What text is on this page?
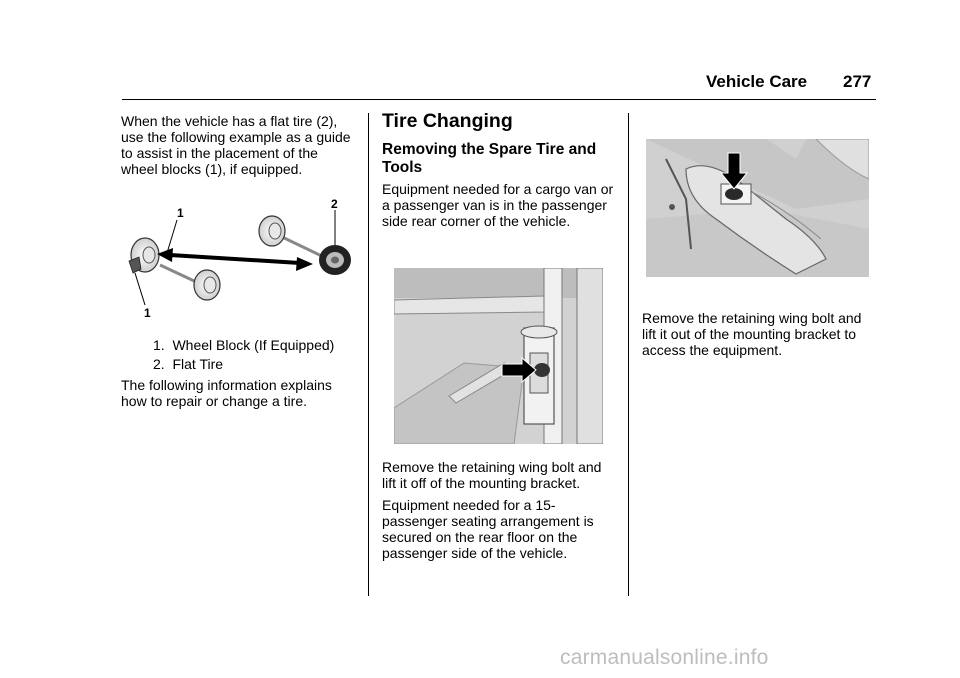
Vehicle Care 277
When the vehicle has a flat tire (2), use the following example as a guide to assist in the placement of the wheel blocks (1), if equipped.
1
1
2
1. Wheel Block (If Equipped)
2. Flat Tire
The following information explains how to repair or change a tire.
Tire Changing
Removing the Spare Tire and Tools
Equipment needed for a cargo van or a passenger van is in the passenger side rear corner of the vehicle.
Remove the retaining wing bolt and lift it off of the mounting bracket.
Equipment needed for a 15-passenger seating arrangement is secured on the rear floor on the passenger side of the vehicle.
Remove the retaining wing bolt and lift it out of the mounting bracket to access the equipment.
carmanualsonline.info
